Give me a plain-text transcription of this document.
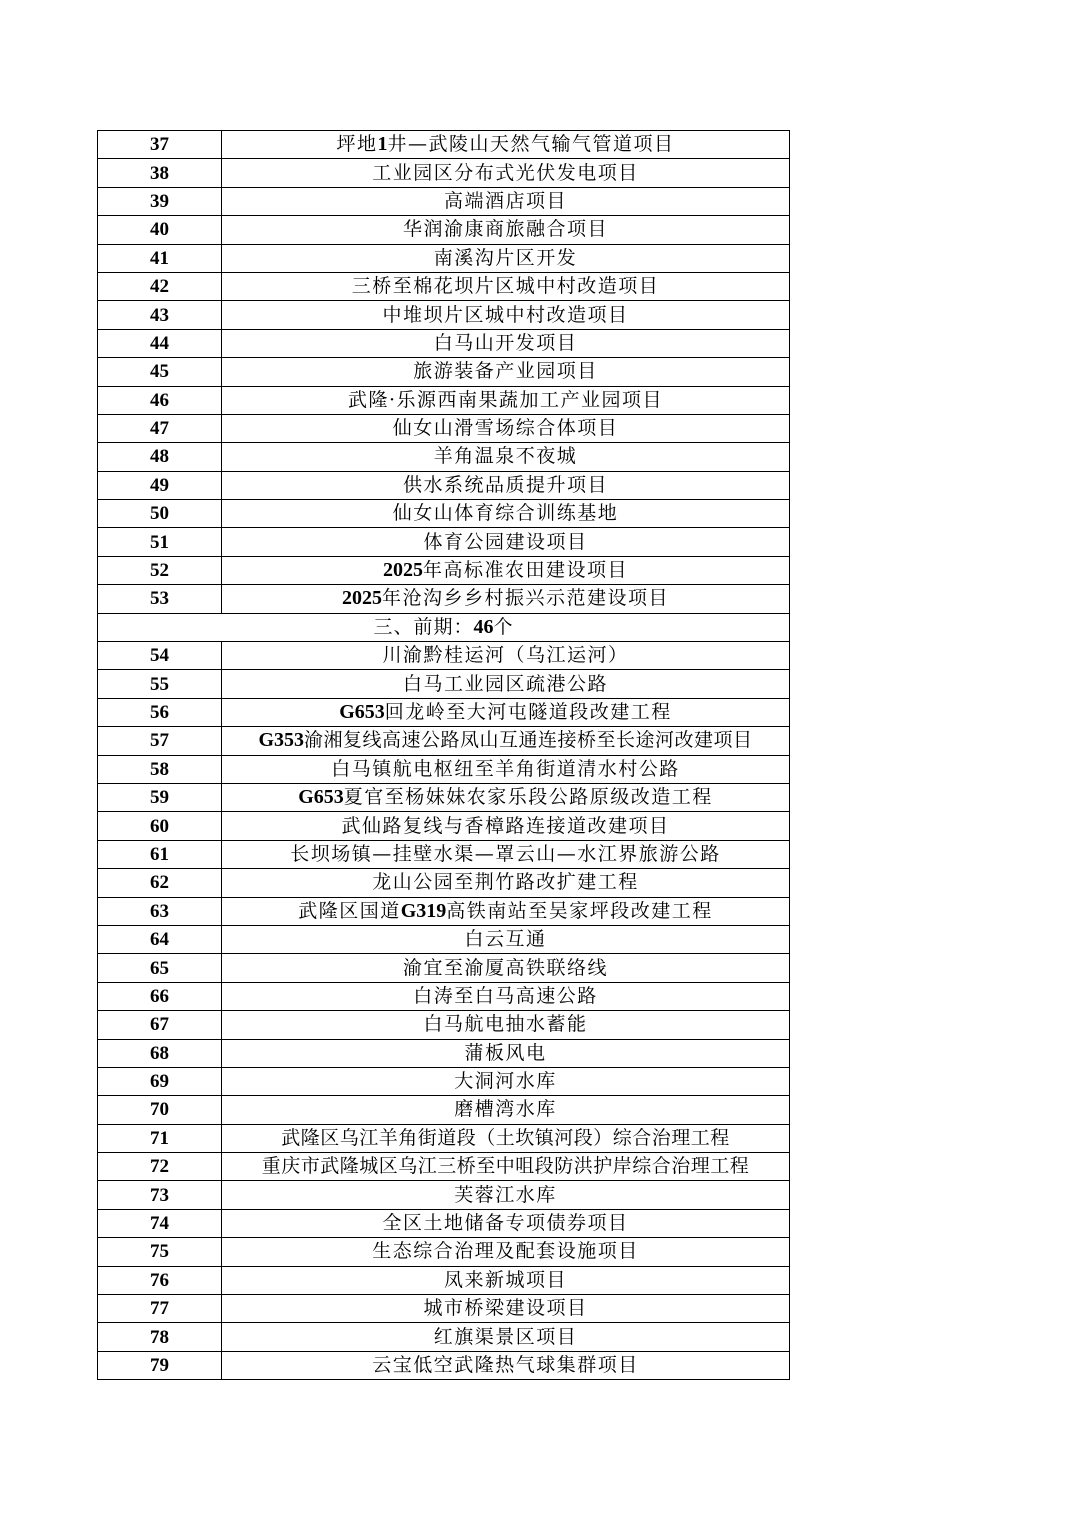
37	坪地1井—武陵山天然气输气管道项目
38	工业园区分布式光伏发电项目
39	高端酒店项目
40	华润渝康商旅融合项目
41	南溪沟片区开发
42	三桥至棉花坝片区城中村改造项目
43	中堆坝片区城中村改造项目
44	白马山开发项目
45	旅游装备产业园项目
46	武隆·乐源西南果蔬加工产业园项目
47	仙女山滑雪场综合体项目
48	羊角温泉不夜城
49	供水系统品质提升项目
50	仙女山体育综合训练基地
51	体育公园建设项目
52	2025年高标准农田建设项目
53	2025年沧沟乡乡村振兴示范建设项目
三、前期：46个	
54	川渝黔桂运河（乌江运河）
55	白马工业园区疏港公路
56	G653回龙岭至大河屯隧道段改建工程
57	G353渝湘复线高速公路凤山互通连接桥至长途河改建项目
58	白马镇航电枢纽至羊角街道清水村公路
59	G653夏官至杨妹妹农家乐段公路原级改造工程
60	武仙路复线与香樟路连接道改建项目
61	长坝场镇—挂壁水渠—罩云山—水江界旅游公路
62	龙山公园至荆竹路改扩建工程
63	武隆区国道G319高铁南站至吴家坪段改建工程
64	白云互通
65	渝宜至渝厦高铁联络线
66	白涛至白马高速公路
67	白马航电抽水蓄能
68	蒲板风电
69	大洞河水库
70	磨槽湾水库
71	武隆区乌江羊角街道段（土坎镇河段）综合治理工程
72	重庆市武隆城区乌江三桥至中咀段防洪护岸综合治理工程
73	芙蓉江水库
74	全区土地储备专项债券项目
75	生态综合治理及配套设施项目
76	凤来新城项目
77	城市桥梁建设项目
78	红旗渠景区项目
79	云宝低空武隆热气球集群项目
